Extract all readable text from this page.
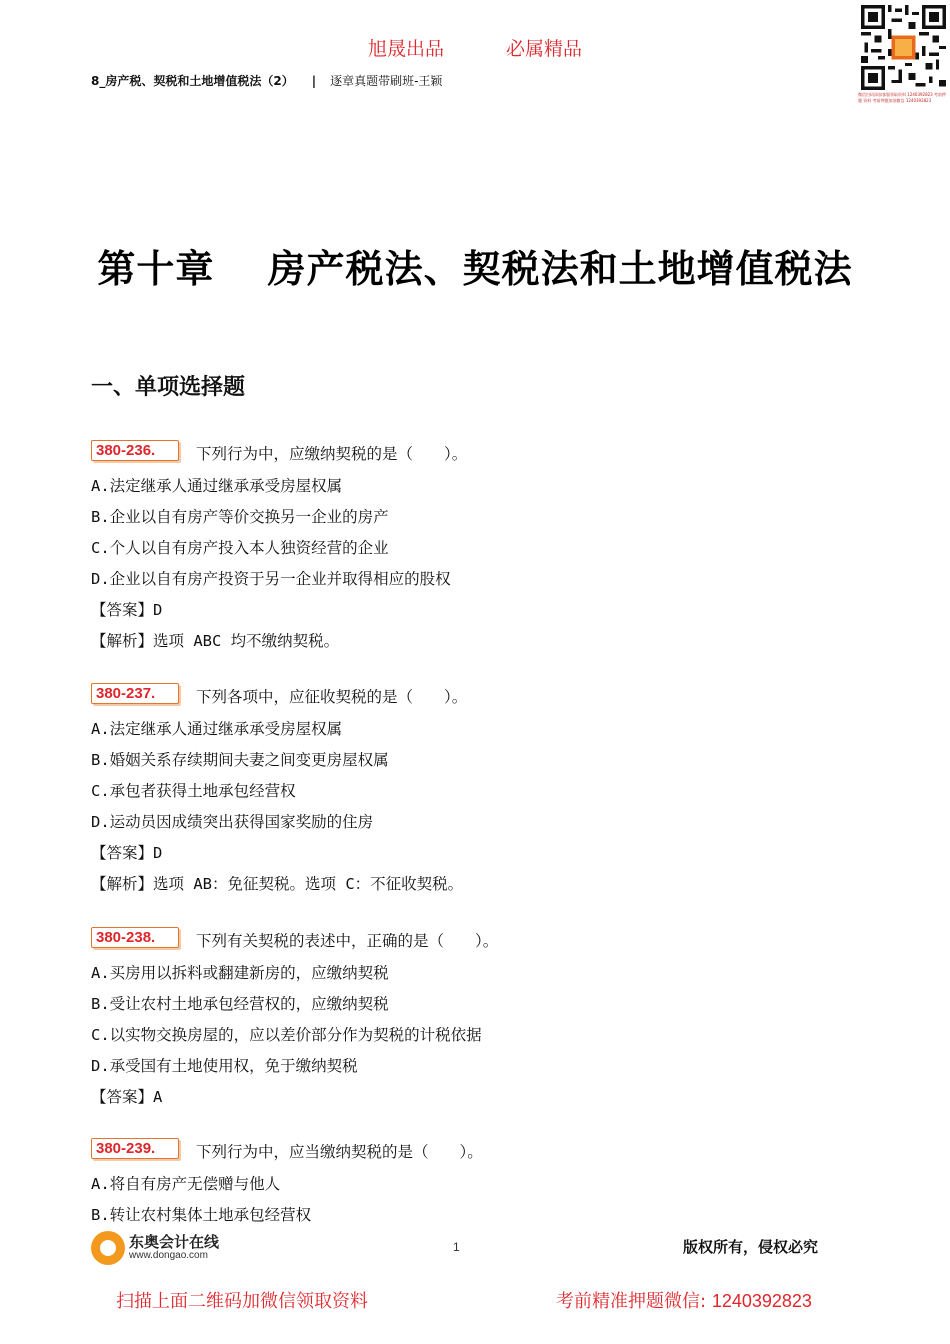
旭晟出品	必属精品
8_房产税、契税和土地增值税法（2） | 逐章真题带刷班-王颖
微信扫码添加客服领取资料 1240392823 考前押题 资料 考前押题加油微信 1240392823
第十章　 房产税法、契税法和土地增值税法
一、单项选择题
380-236.	下列行为中，应缴纳契税的是（　　）。
A.法定继承人通过继承承受房屋权属
B.企业以自有房产等价交换另一企业的房产
C.个人以自有房产投入本人独资经营的企业
D.企业以自有房产投资于另一企业并取得相应的股权
【答案】D
【解析】选项 ABC 均不缴纳契税。
380-237.	下列各项中，应征收契税的是（　　）。
A.法定继承人通过继承承受房屋权属
B.婚姻关系存续期间夫妻之间变更房屋权属
C.承包者获得土地承包经营权
D.运动员因成绩突出获得国家奖励的住房
【答案】D
【解析】选项 AB：免征契税。选项 C：不征收契税。
380-238.	下列有关契税的表述中，正确的是（　　）。
A.买房用以拆料或翻建新房的，应缴纳契税
B.受让农村土地承包经营权的，应缴纳契税
C.以实物交换房屋的，应以差价部分作为契税的计税依据
D.承受国有土地使用权，免于缴纳契税
【答案】A
380-239.	下列行为中，应当缴纳契税的是（　　）。
A.将自有房产无偿赠与他人
B.转让农村集体土地承包经营权
东奥会计在线
www.dongao.com
1	版权所有，侵权必究
扫描上面二维码加微信领取资料	考前精准押题微信: 1240392823
